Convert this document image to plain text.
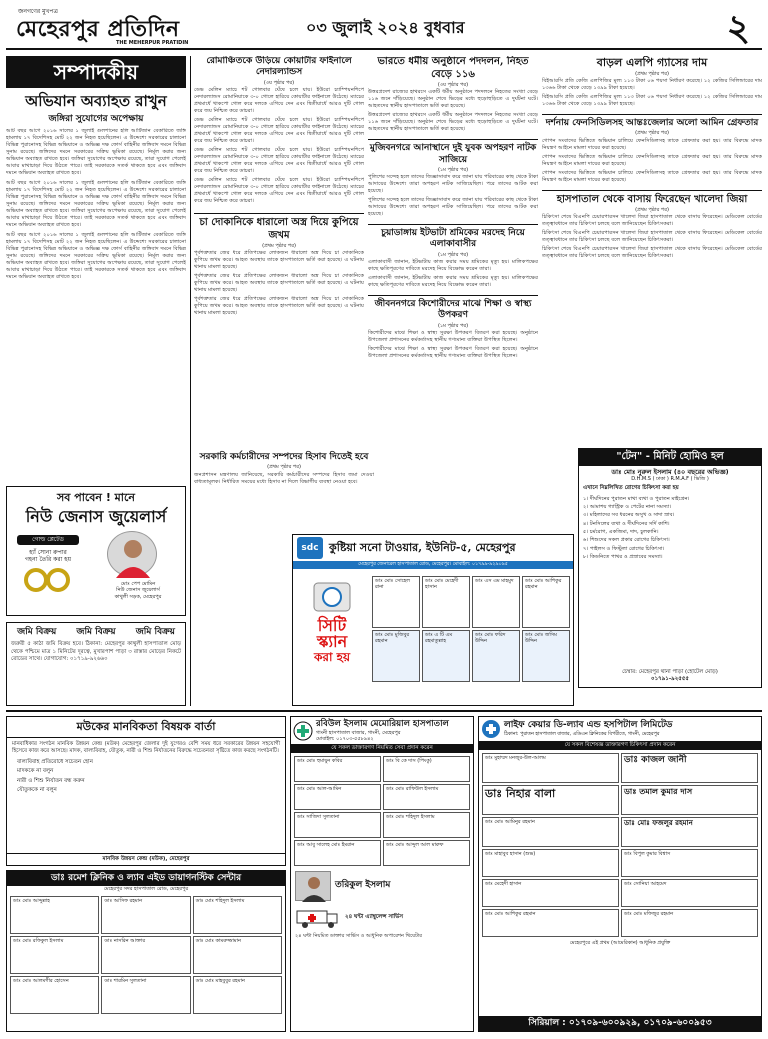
জনগণের মুখপত্র
মেহেরপুর প্রতিদিন
THE MEHERPUR PRATIDIN
০৩ জুলাই ২০২৪ বুধবার	২
সম্পাদকীয়
অভিযান অব্যাহত রাখুন
জঙ্গিরা সুযোগের অপেক্ষায়

আট বছর আগে ২০১৬ সালের ১ জুলাই গুলশানের হলি আর্টিজান বেকারিতে জঙ্গি হামলায় ১৭ বিদেশিসহ মোট ২২ জন নিহত হয়েছিলেন। এ উদ্দেশ্যে সরকারের চালানো বিভিন্ন পুরানোসহ বিভিন্ন অভিযানে ও অভিজ্ঞ দক্ষ ফোর্স বাহিনীর জঙ্গিবাদ দমনে বিভিন্ন সুনাম রয়েছে। জঙ্গিদের দমনে সরকারের সক্রিয় ভূমিকা রয়েছে। নির্মূল করার জন্য অভিযান অব্যাহত রাখতে হবে। জঙ্গিরা সুযোগের অপেক্ষায় রয়েছে, তারা সুযোগ পেলেই আবার মাথাচাড়া দিয়ে উঠতে পারে। তাই সরকারকে সতর্ক থাকতে হবে এবং জঙ্গিবাদ দমনে অভিযান অব্যাহত রাখতে হবে।

আট বছর আগে ২০১৬ সালের ১ জুলাই গুলশানের হলি আর্টিজান বেকারিতে জঙ্গি হামলায় ১৭ বিদেশিসহ মোট ২২ জন নিহত হয়েছিলেন। এ উদ্দেশ্যে সরকারের চালানো বিভিন্ন পুরানোসহ বিভিন্ন অভিযানে ও অভিজ্ঞ দক্ষ ফোর্স বাহিনীর জঙ্গিবাদ দমনে বিভিন্ন সুনাম রয়েছে। জঙ্গিদের দমনে সরকারের সক্রিয় ভূমিকা রয়েছে। নির্মূল করার জন্য অভিযান অব্যাহত রাখতে হবে। জঙ্গিরা সুযোগের অপেক্ষায় রয়েছে, তারা সুযোগ পেলেই আবার মাথাচাড়া দিয়ে উঠতে পারে। তাই সরকারকে সতর্ক থাকতে হবে এবং জঙ্গিবাদ দমনে অভিযান অব্যাহত রাখতে হবে।

আট বছর আগে ২০১৬ সালের ১ জুলাই গুলশানের হলি আর্টিজান বেকারিতে জঙ্গি হামলায় ১৭ বিদেশিসহ মোট ২২ জন নিহত হয়েছিলেন। এ উদ্দেশ্যে সরকারের চালানো বিভিন্ন পুরানোসহ বিভিন্ন অভিযানে ও অভিজ্ঞ দক্ষ ফোর্স বাহিনীর জঙ্গিবাদ দমনে বিভিন্ন সুনাম রয়েছে। জঙ্গিদের দমনে সরকারের সক্রিয় ভূমিকা রয়েছে। নির্মূল করার জন্য অভিযান অব্যাহত রাখতে হবে। জঙ্গিরা সুযোগের অপেক্ষায় রয়েছে, তারা সুযোগ পেলেই আবার মাথাচাড়া দিয়ে উঠতে পারে। তাই সরকারকে সতর্ক থাকতে হবে এবং জঙ্গিবাদ দমনে অভিযান অব্যাহত রাখতে হবে।

সব পাবেন ! মানে
নিউ জেনাস জুয়েলার্স
গোল্ড প্লেটেড
হ্যাঁ সোনা রুপার
গহনা তৈরি করা হয়
মোঃ পেপ মোমিন
নিউ জেনাস জুয়েলার্স
কাথুলী সড়ক, মেহেরপুর
জমি বিক্রয় জমি বিক্রয় জমি বিক্রয়
জরুরী ৫ কাঠা জমি বিক্রয় হবে। ঠিকানা: মেহেরপুর কাথুলী হাসপাতাল মোড় থেকে পশ্চিমে মাত্র ১ মিনিটের দূরত্বে, মুখারপাশ পাড়া ৩ রাস্তার মোড়ের নিকটে রোডের সাথে। যোগাযোগ: ০১৭১৯-৯২৬৬০
রোমাঞ্চিতকে উড়িয়ে কোয়ার্টার ফাইনালে নেদারল্যান্ডস
(৩য় পৃষ্ঠার পর)
ডেভ মেলিন ম্যাচে শট গোলবার ঘেঁষে চলে যায়। ইউরো চ্যাম্পিয়নশিপে নেদারল্যান্ডস রোমানিয়াকে ৩-০ গোলে হারিয়ে কোয়ার্টার ফাইনালে উঠেছে। ম্যাচের প্রথমার্ধে খাকপো গোল করে দলকে এগিয়ে দেন এবং দ্বিতীয়ার্ধে আরও দুটি গোল করে জয় নিশ্চিত করে ডাচরা।
ডেভ মেলিন ম্যাচে শট গোলবার ঘেঁষে চলে যায়। ইউরো চ্যাম্পিয়নশিপে নেদারল্যান্ডস রোমানিয়াকে ৩-০ গোলে হারিয়ে কোয়ার্টার ফাইনালে উঠেছে। ম্যাচের প্রথমার্ধে খাকপো গোল করে দলকে এগিয়ে দেন এবং দ্বিতীয়ার্ধে আরও দুটি গোল করে জয় নিশ্চিত করে ডাচরা।
ডেভ মেলিন ম্যাচে শট গোলবার ঘেঁষে চলে যায়। ইউরো চ্যাম্পিয়নশিপে নেদারল্যান্ডস রোমানিয়াকে ৩-০ গোলে হারিয়ে কোয়ার্টার ফাইনালে উঠেছে। ম্যাচের প্রথমার্ধে খাকপো গোল করে দলকে এগিয়ে দেন এবং দ্বিতীয়ার্ধে আরও দুটি গোল করে জয় নিশ্চিত করে ডাচরা।
ডেভ মেলিন ম্যাচে শট গোলবার ঘেঁষে চলে যায়। ইউরো চ্যাম্পিয়নশিপে নেদারল্যান্ডস রোমানিয়াকে ৩-০ গোলে হারিয়ে কোয়ার্টার ফাইনালে উঠেছে। ম্যাচের প্রথমার্ধে খাকপো গোল করে দলকে এগিয়ে দেন এবং দ্বিতীয়ার্ধে আরও দুটি গোল করে জয় নিশ্চিত করে ডাচরা।
চা দোকানিকে ধারালো অস্ত্র দিয়ে কুপিয়ে জখম
(প্রথম পৃষ্ঠার পর)
পূর্বশত্রুতার জের ধরে প্রতিপক্ষের লোকজন ধারালো অস্ত্র দিয়ে চা দোকানিকে কুপিয়ে জখম করে। আহত অবস্থায় তাকে হাসপাতালে ভর্তি করা হয়েছে। এ ঘটনায় থানায় মামলা হয়েছে।
পূর্বশত্রুতার জের ধরে প্রতিপক্ষের লোকজন ধারালো অস্ত্র দিয়ে চা দোকানিকে কুপিয়ে জখম করে। আহত অবস্থায় তাকে হাসপাতালে ভর্তি করা হয়েছে। এ ঘটনায় থানায় মামলা হয়েছে।
পূর্বশত্রুতার জের ধরে প্রতিপক্ষের লোকজন ধারালো অস্ত্র দিয়ে চা দোকানিকে কুপিয়ে জখম করে। আহত অবস্থায় তাকে হাসপাতালে ভর্তি করা হয়েছে। এ ঘটনায় থানায় মামলা হয়েছে।
ভারতে ধর্মীয় অনুষ্ঠানে পদদলন, নিহত বেড়ে ১১৬
(৩য় পৃষ্ঠার পর)
উত্তরপ্রদেশ রাজ্যের হাথরসে একটি ধর্মীয় অনুষ্ঠানে পদদলনে নিহতের সংখ্যা বেড়ে ১১৬ জনে দাঁড়িয়েছে। অনুষ্ঠান শেষে ভিড়ের মধ্যে হুড়োহুড়িতে এ দুর্ঘটনা ঘটে। আহতদের স্থানীয় হাসপাতালে ভর্তি করা হয়েছে।
উত্তরপ্রদেশ রাজ্যের হাথরসে একটি ধর্মীয় অনুষ্ঠানে পদদলনে নিহতের সংখ্যা বেড়ে ১১৬ জনে দাঁড়িয়েছে। অনুষ্ঠান শেষে ভিড়ের মধ্যে হুড়োহুড়িতে এ দুর্ঘটনা ঘটে। আহতদের স্থানীয় হাসপাতালে ভর্তি করা হয়েছে।
মুজিবনগরে আনাস্থানে দুই যুবক অপহরণ নাটক সাজিয়ে
(১ম পৃষ্ঠার পর)
পুলিশের সন্দেহ হলে তাদের জিজ্ঞাসাবাদ করে জানা যায় পরিবারের কাছ থেকে টাকা আদায়ের উদ্দেশ্যে তারা অপহরণ নাটক সাজিয়েছিল। পরে তাদের আটক করা হয়েছে।
পুলিশের সন্দেহ হলে তাদের জিজ্ঞাসাবাদ করে জানা যায় পরিবারের কাছ থেকে টাকা আদায়ের উদ্দেশ্যে তারা অপহরণ নাটক সাজিয়েছিল। পরে তাদের আটক করা হয়েছে।
চুয়াডাঙ্গায় ইটভাটা শ্রমিকের মরদেহ নিয়ে এলাকাবাসীর
(১ম পৃষ্ঠার পর)
এলাকাবাসী জানান, ইটভাটায় কাজ করার সময় শ্রমিকের মৃত্যু হয়। মালিকপক্ষের কাছে ক্ষতিপূরণের দাবিতে মরদেহ নিয়ে বিক্ষোভ করেন তারা।
এলাকাবাসী জানান, ইটভাটায় কাজ করার সময় শ্রমিকের মৃত্যু হয়। মালিকপক্ষের কাছে ক্ষতিপূরণের দাবিতে মরদেহ নিয়ে বিক্ষোভ করেন তারা।
জীবননগরে কিশোরীদের মাঝে শিক্ষা ও স্বাস্থ্য উপকরণ
(১ম পৃষ্ঠার পর)
কিশোরীদের মাঝে শিক্ষা ও স্বাস্থ্য সুরক্ষা উপকরণ বিতরণ করা হয়েছে। অনুষ্ঠানে উপজেলা প্রশাসনের কর্মকর্তাসহ স্থানীয় গণ্যমান্য ব্যক্তিরা উপস্থিত ছিলেন।
কিশোরীদের মাঝে শিক্ষা ও স্বাস্থ্য সুরক্ষা উপকরণ বিতরণ করা হয়েছে। অনুষ্ঠানে উপজেলা প্রশাসনের কর্মকর্তাসহ স্থানীয় গণ্যমান্য ব্যক্তিরা উপস্থিত ছিলেন।
বাড়ল এলপি গ্যাসের দাম
(প্রথম পৃষ্ঠার পর)
বিইআরসি প্রতি কেজি এলপিজির মূল্য ১১৩ টাকা ০৬ পয়সা নির্ধারণ করেছে। ১২ কেজির সিলিন্ডারের দাম ১৩৬৬ টাকা থেকে বেড়ে ১৩৯৯ টাকা হয়েছে।
বিইআরসি প্রতি কেজি এলপিজির মূল্য ১১৩ টাকা ০৬ পয়সা নির্ধারণ করেছে। ১২ কেজির সিলিন্ডারের দাম ১৩৬৬ টাকা থেকে বেড়ে ১৩৯৯ টাকা হয়েছে।
দর্শনায় ফেনসিডিলসহ আন্তঃজেলার অলো আমিন গ্রেফতার
(প্রথম পৃষ্ঠার পর)
গোপন সংবাদের ভিত্তিতে অভিযান চালিয়ে ফেনসিডিলসহ তাকে গ্রেফতার করা হয়। তার বিরুদ্ধে মাদক নিয়ন্ত্রণ আইনে মামলা দায়ের করা হয়েছে।
গোপন সংবাদের ভিত্তিতে অভিযান চালিয়ে ফেনসিডিলসহ তাকে গ্রেফতার করা হয়। তার বিরুদ্ধে মাদক নিয়ন্ত্রণ আইনে মামলা দায়ের করা হয়েছে।
গোপন সংবাদের ভিত্তিতে অভিযান চালিয়ে ফেনসিডিলসহ তাকে গ্রেফতার করা হয়। তার বিরুদ্ধে মাদক নিয়ন্ত্রণ আইনে মামলা দায়ের করা হয়েছে।
হাসপাতাল থেকে বাসায় ফিরেছেন খালেদা জিয়া
(প্রথম পৃষ্ঠার পর)
চিকিৎসা শেষে বিএনপি চেয়ারপারসন খালেদা জিয়া হাসপাতাল থেকে বাসায় ফিরেছেন। মেডিকেল বোর্ডের তত্ত্বাবধানে তার চিকিৎসা চলছে বলে জানিয়েছেন চিকিৎসকরা।
চিকিৎসা শেষে বিএনপি চেয়ারপারসন খালেদা জিয়া হাসপাতাল থেকে বাসায় ফিরেছেন। মেডিকেল বোর্ডের তত্ত্বাবধানে তার চিকিৎসা চলছে বলে জানিয়েছেন চিকিৎসকরা।
চিকিৎসা শেষে বিএনপি চেয়ারপারসন খালেদা জিয়া হাসপাতাল থেকে বাসায় ফিরেছেন। মেডিকেল বোর্ডের তত্ত্বাবধানে তার চিকিৎসা চলছে বলে জানিয়েছেন চিকিৎসকরা।
"টেন" - মিনিট হোমিও হল
ডাঃ মোঃ নুরুল ইসলাম (৪০ বছরের অভিজ্ঞ)
D.H.M.S ( ঢাকা ) R.M.A.F ( ভিজি )
এখানে নিম্নলিখিত রোগের চিকিৎসা করা হয়
১। দীর্ঘদিনের পুরাতন মাথা ব্যথা ও পুরাতন মাইগ্রেন।
২। আমাশয় গ্যাস্ট্রিক ও পেটের নানা সমস্যা।
৩। মহিলাদের সব ধরনের অসুখ ও সাদা স্রাব।
৪। টনসিলের ব্যথা ও দীর্ঘদিনের সর্দি কাশি।
৫। চর্মরোগ, একজিমা, দাদ, চুলকানি।
৬। শিশুদের সকল প্রকার রোগের চিকিৎসা।
৭। পাইলস ও ফিস্টুলা রোগের চিকিৎসা।
৮। কিডনিতে পাথর ও প্রস্রাবের সমস্যা।
চেম্বার: মেহেরপুর থানা পাড়া (হোটেল মোড়)
০১৭৯১-৯২৫৫৫
সরকারি কর্মচারীদের সম্পদের হিসাব দিতেই হবে
(প্রথম পৃষ্ঠার পর)
জনপ্রশাসন মন্ত্রণালয় জানিয়েছে, সরকারি কর্মচারীদের সম্পদের হিসাব জমা দেওয়া বাধ্যতামূলক। নির্ধারিত সময়ের মধ্যে হিসাব না দিলে বিভাগীয় ব্যবস্থা নেওয়া হবে।
sdc কুষ্টিয়া সনো টাওয়ার, ইউনিট-৫, মেহেরপুর
মেহেরপুর জেনারেল হাসপাতাল রোড, মেহেরপুর। মোবাইল: ০১৭৯৯-৯২৯০৯৫
সিটি
স্ক্যান
করা হয়
ডাঃ মোঃ সোহেল রানা
ডাঃ মোঃ মেহেদী হাসান
ডাঃ এস এম মাহমুদ	ডাঃ মোঃ আশিকুর রহমান
ডাঃ মোঃ মুজিবুর রহমান
ডাঃ এ টি এম রহমাতুল্লাহ
ডাঃ মোঃ ফরিদ উদ্দিন
ডাঃ মোঃ জসিম উদ্দিন
মউকের মানবিকতা বিষয়ক বার্তা
মানবাধিকার সংগঠন মানবিক উন্নয়ন কেন্দ্র (মউক) মেহেরপুর জেলার দুই যুগেরও বেশি সময় ধরে সরকারের উন্নয়ন সহযোগী হিসেবে কাজ করে আসছে। মাদক, বাল্যবিবাহ, যৌতুক, নারী ও শিশু নির্যাতনের বিরুদ্ধে সচেতনতা সৃষ্টিতে কাজ করছে সংগঠনটি।
বাল্যবিবাহ প্রতিরোধে সচেতন হোন
মাদককে না বলুন
নারী ও শিশু নির্যাতন বন্ধ করুন
যৌতুককে না বলুন
মানবিক উন্নয়ন কেন্দ্র (মউক), মেহেরপুর
ডাঃ রমেশ ক্লিনিক ও ল্যাব এইড ডায়াগনস্টিক সেন্টার
মেহেরপুর সদর হাসপাতাল রোড, মেহেরপুর
ডাঃ মোঃ আব্দুল্লাহ	ডাঃ আসিফ রহমান	ডাঃ মোঃ শহিদুল ইসলাম
ডাঃ মোঃ রফিকুল ইসলাম	ডাঃ নাসরিন আক্তার	ডাঃ মোঃ কামরুজ্জামান
ডাঃ মোঃ আলমগীর হোসেন	ডাঃ শারমিন সুলতানা	ডাঃ মোঃ মাহবুবুর রহমান
রবিউল ইসলাম মেমোরিয়াল হাসপাতাল
গাংনী হাসপাতাল বাজার, গাংনী, মেহেরপুর
মোবাইল: ০১৭০৩-৫৫৮৯৪২
যে সকল ডাক্তারগণ নিয়মিত সেবা প্রদান করেন
ডাঃ মোঃ হুমায়ুন কবির	ডাঃ বি কে দাস (পিংকু)
ডাঃ মোঃ আল-আমিন	ডাঃ মোঃ রাফিউল ইসলাম
ডাঃ সাজিদা সুলতানা	ডাঃ মোঃ শহিদুল ইসলাম
ডাঃ আবু সালেহ মোঃ ইমরান	ডাঃ মোঃ আব্দুল আল মারুফ
তরিকুল ইসলাম
২৪ ঘন্টা এ্যাম্বুলেন্স সার্ভিস
২৪ ঘন্টা নিয়মিত ডাক্তার সার্ভিস ও আধুনিক অপারেশন থিয়েটার
লাইফ কেয়ার ডি-ল্যাব এন্ড হসপিটাল লিমিটেড
ঠিকানা: পুরাতন হাসপাতাল বাজার, এডিএন ক্লিনিকের বিপরীতে, গাংনী, মেহেরপুর
যে সকল বিশেষজ্ঞ ডাক্তারগণ চিকিৎসা প্রদান করেন
ডাঃ মুহাম্মদ মনজুর-উল-আলম	ডাঃ কাজল জানী
ডাঃ নিহার বালা	ডাঃ তমাল কুমার দাস
ডাঃ মোঃ আমিনুর রহমান	ডাঃ মোঃ ফজলুর রহমান
ডাঃ মাহাবুব হাসান (শুভ)	ডাঃ বিপুল কুমার বিশ্বাস
ডাঃ মেহেদী হাসান	ডাঃ সোনিয়া আহমেদ
ডাঃ মোঃ আশিকুর রহমান	ডাঃ মোঃ মফিজুর রহমান
মেহেরপুরে এই প্রথম (আমেরিকান) আধুনিক প্রযুক্তি
সিরিয়াল : ০১৭০৯-৬০০৯২৯, ০১৭০৯-৬০০৯৫৩
